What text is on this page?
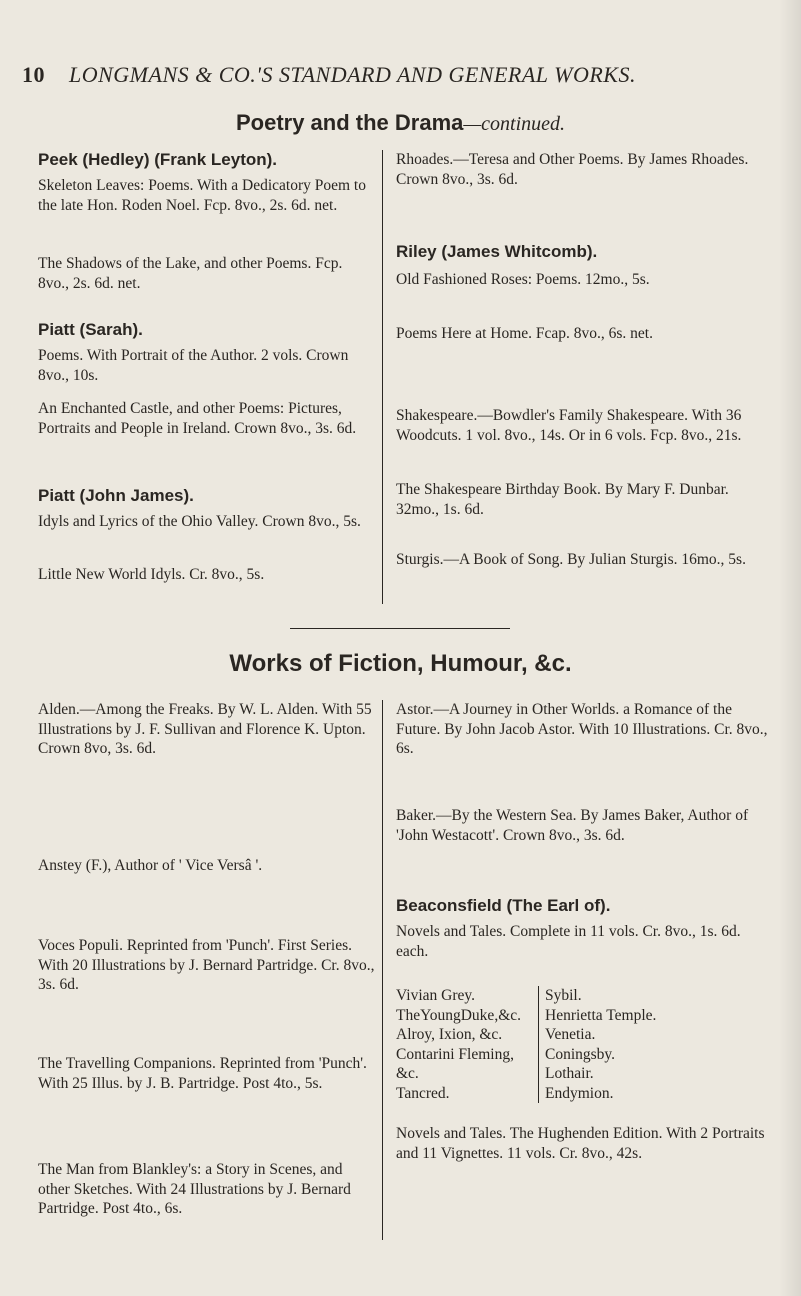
10 LONGMANS & CO.'S STANDARD AND GENERAL WORKS.
Poetry and the Drama—continued.
Peek (Hedley) (Frank Leyton).
Skeleton Leaves: Poems. With a Dedicatory Poem to the late Hon. Roden Noel. Fcp. 8vo., 2s. 6d. net.
The Shadows of the Lake, and other Poems. Fcp. 8vo., 2s. 6d. net.
Piatt (Sarah).
Poems. With Portrait of the Author. 2 vols. Crown 8vo., 10s.
An Enchanted Castle, and other Poems: Pictures, Portraits and People in Ireland. Crown 8vo., 3s. 6d.
Piatt (John James).
Idyls and Lyrics of the Ohio Valley. Crown 8vo., 5s.
Little New World Idyls. Cr. 8vo., 5s.
Rhoades.—Teresa and Other Poems. By James Rhoades. Crown 8vo., 3s. 6d.
Riley (James Whitcomb).
Old Fashioned Roses: Poems. 12mo., 5s.
Poems Here at Home. Fcap. 8vo., 6s. net.
Shakespeare.—Bowdler's Family Shakespeare. With 36 Woodcuts. 1 vol. 8vo., 14s. Or in 6 vols. Fcp. 8vo., 21s.
The Shakespeare Birthday Book. By Mary F. Dunbar. 32mo., 1s. 6d.
Sturgis.—A Book of Song. By Julian Sturgis. 16mo., 5s.
Works of Fiction, Humour, &c.
Alden.—Among the Freaks. By W. L. Alden. With 55 Illustrations by J. F. Sullivan and Florence K. Upton. Crown 8vo, 3s. 6d.
Anstey (F.), Author of ' Vice Versâ '.
Voces Populi. Reprinted from 'Punch'. First Series. With 20 Illustrations by J. Bernard Partridge. Cr. 8vo., 3s. 6d.
The Travelling Companions. Reprinted from 'Punch'. With 25 Illus. by J. B. Partridge. Post 4to., 5s.
The Man from Blankley's: a Story in Scenes, and other Sketches. With 24 Illustrations by J. Bernard Partridge. Post 4to., 6s.
Astor.—A Journey in Other Worlds. a Romance of the Future. By John Jacob Astor. With 10 Illustrations. Cr. 8vo., 6s.
Baker.—By the Western Sea. By James Baker, Author of 'John Westacott'. Crown 8vo., 3s. 6d.
Beaconsfield (The Earl of).
Novels and Tales. Complete in 11 vols. Cr. 8vo., 1s. 6d. each.
Vivian Grey.
TheYoungDuke,&c.
Alroy, Ixion, &c.
Contarini Fleming, &c.
Tancred.
Sybil.
Henrietta Temple.
Venetia.
Coningsby.
Lothair.
Endymion.
Novels and Tales. The Hughenden Edition. With 2 Portraits and 11 Vignettes. 11 vols. Cr. 8vo., 42s.
